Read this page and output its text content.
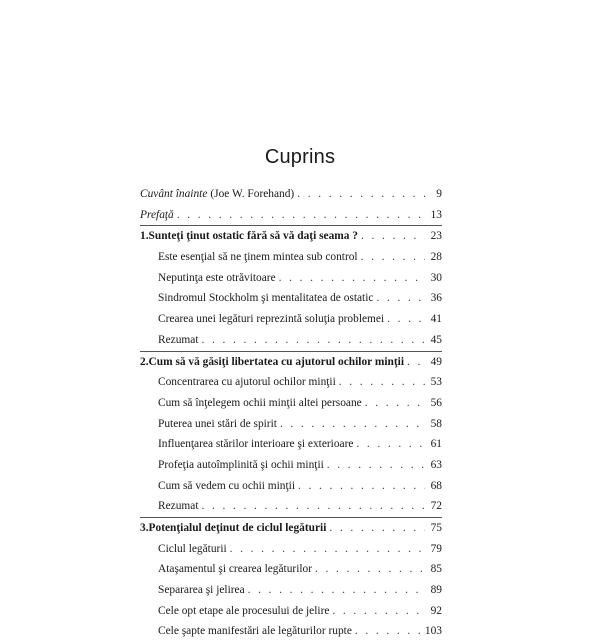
Cuprins
Cuvânt înainte (Joe W. Forehand) . . .	9
Prefaţă . . .	13
1. Sunteţi ţinut ostatic fără să vă daţi seama ? . . .	23
Este esenţial să ne ţinem mintea sub control . . .	28
Neputinţa este otrăvitoare . . .	30
Sindromul Stockholm şi mentalitatea de ostatic . . .	36
Crearea unei legături reprezintă soluţia problemei . . .	41
Rezumat . . .	45
2. Cum să vă găsiţi libertatea cu ajutorul ochilor minţii . . . 49
Concentrarea cu ajutorul ochilor minţii . . .	53
Cum să înţelegem ochii minţii altei persoane . . .	56
Puterea unei stări de spirit . . .	58
Influenţarea stărilor interioare şi exterioare . . .	61
Profeţia autoîmplinită şi ochii minţii . . .	63
Cum să vedem cu ochii minţii . . .	68
Rezumat . . .	72
3. Potenţialul deţinut de ciclul legăturii . . .	75
Ciclul legăturii . . .	79
Ataşamentul şi crearea legăturilor . . .	85
Separarea şi jelirea . . .	89
Cele opt etape ale procesului de jelire . . .	92
Cele şapte manifestări ale legăturilor rupte . . .	103
